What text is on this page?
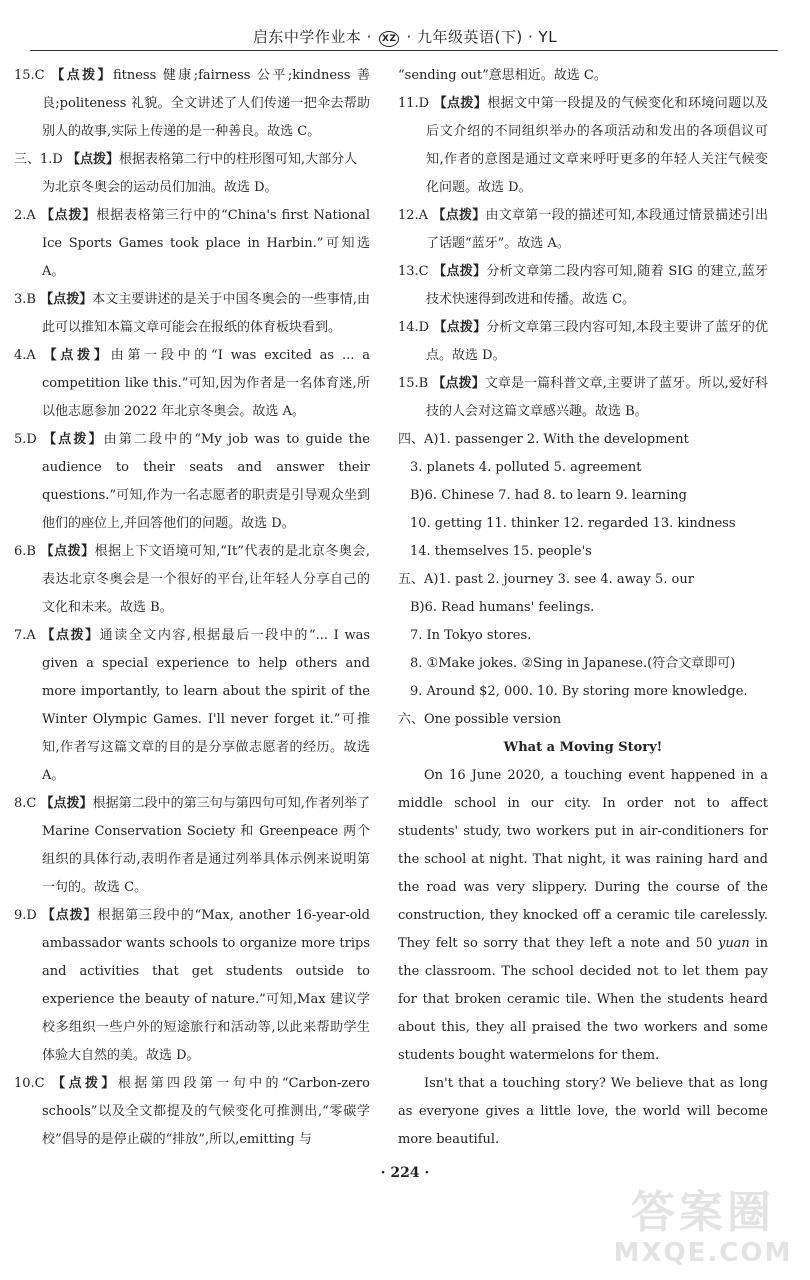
启东中学作业本 · XZ · 九年级英语(下) · YL

15.C 【点拨】fitness 健康;fairness 公平;kindness 善良;politeness 礼貌。全文讲述了人们传递一把伞去帮助别人的故事,实际上传递的是一种善良。故选 C。

三、1.D 【点拨】根据表格第二行中的柱形图可知,大部分人为北京冬奥会的运动员们加油。故选 D。

2.A 【点拨】根据表格第三行中的“China's first National Ice Sports Games took place in Harbin.”可知选 A。

3.B 【点拨】本文主要讲述的是关于中国冬奥会的一些事情,由此可以推知本篇文章可能会在报纸的体育板块看到。

4.A 【点拨】由第一段中的“I was excited as ... a competition like this.”可知,因为作者是一名体育迷,所以他志愿参加 2022 年北京冬奥会。故选 A。

5.D 【点拨】由第二段中的“My job was to guide the audience to their seats and answer their questions.”可知,作为一名志愿者的职责是引导观众坐到他们的座位上,并回答他们的问题。故选 D。

6.B 【点拨】根据上下文语境可知,“It”代表的是北京冬奥会,表达北京冬奥会是一个很好的平台,让年轻人分享自己的文化和未来。故选 B。

7.A 【点拨】通读全文内容,根据最后一段中的“... I was given a special experience to help others and more importantly, to learn about the spirit of the Winter Olympic Games. I'll never forget it.”可推知,作者写这篇文章的目的是分享做志愿者的经历。故选 A。

8.C 【点拨】根据第二段中的第三句与第四句可知,作者列举了 Marine Conservation Society 和 Greenpeace 两个组织的具体行动,表明作者是通过列举具体示例来说明第一句的。故选 C。

9.D 【点拨】根据第三段中的“Max, another 16-year-old ambassador wants schools to organize more trips and activities that get students outside to experience the beauty of nature.”可知,Max 建议学校多组织一些户外的短途旅行和活动等,以此来帮助学生体验大自然的美。故选 D。

10.C 【点拨】根据第四段第一句中的“Carbon-zero schools”以及全文都提及的气候变化可推测出,“零碳学校”倡导的是停止碳的“排放”,所以,emitting 与

“sending out”意思相近。故选 C。

11.D 【点拨】根据文中第一段提及的气候变化和环境问题以及后文介绍的不同组织举办的各项活动和发出的各项倡议可知,作者的意图是通过文章来呼吁更多的年轻人关注气候变化问题。故选 D。

12.A 【点拨】由文章第一段的描述可知,本段通过情景描述引出了话题“蓝牙”。故选 A。

13.C 【点拨】分析文章第二段内容可知,随着 SIG 的建立,蓝牙技术快速得到改进和传播。故选 C。

14.D 【点拨】分析文章第三段内容可知,本段主要讲了蓝牙的优点。故选 D。

15.B 【点拨】文章是一篇科普文章,主要讲了蓝牙。所以,爱好科技的人会对这篇文章感兴趣。故选 B。

四、A)1. passenger 2. With the development

3. planets 4. polluted 5. agreement

B)6. Chinese 7. had 8. to learn 9. learning

10. getting 11. thinker 12. regarded 13. kindness

14. themselves 15. people's

五、A)1. past 2. journey 3. see 4. away 5. our

B)6. Read humans' feelings.

7. In Tokyo stores.

8. ①Make jokes. ②Sing in Japanese.(符合文章即可)

9. Around $2, 000. 10. By storing more knowledge.

六、One possible version

What a Moving Story!

On 16 June 2020, a touching event happened in a middle school in our city. In order not to affect students' study, two workers put in air-conditioners for the school at night. That night, it was raining hard and the road was very slippery. During the course of the construction, they knocked off a ceramic tile carelessly. They felt so sorry that they left a note and 50 yuan in the classroom. The school decided not to let them pay for that broken ceramic tile. When the students heard about this, they all praised the two workers and some students bought watermelons for them.

Isn't that a touching story? We believe that as long as everyone gives a little love, the world will become more beautiful.

· 224 ·
答案圈
MXQE.COM
